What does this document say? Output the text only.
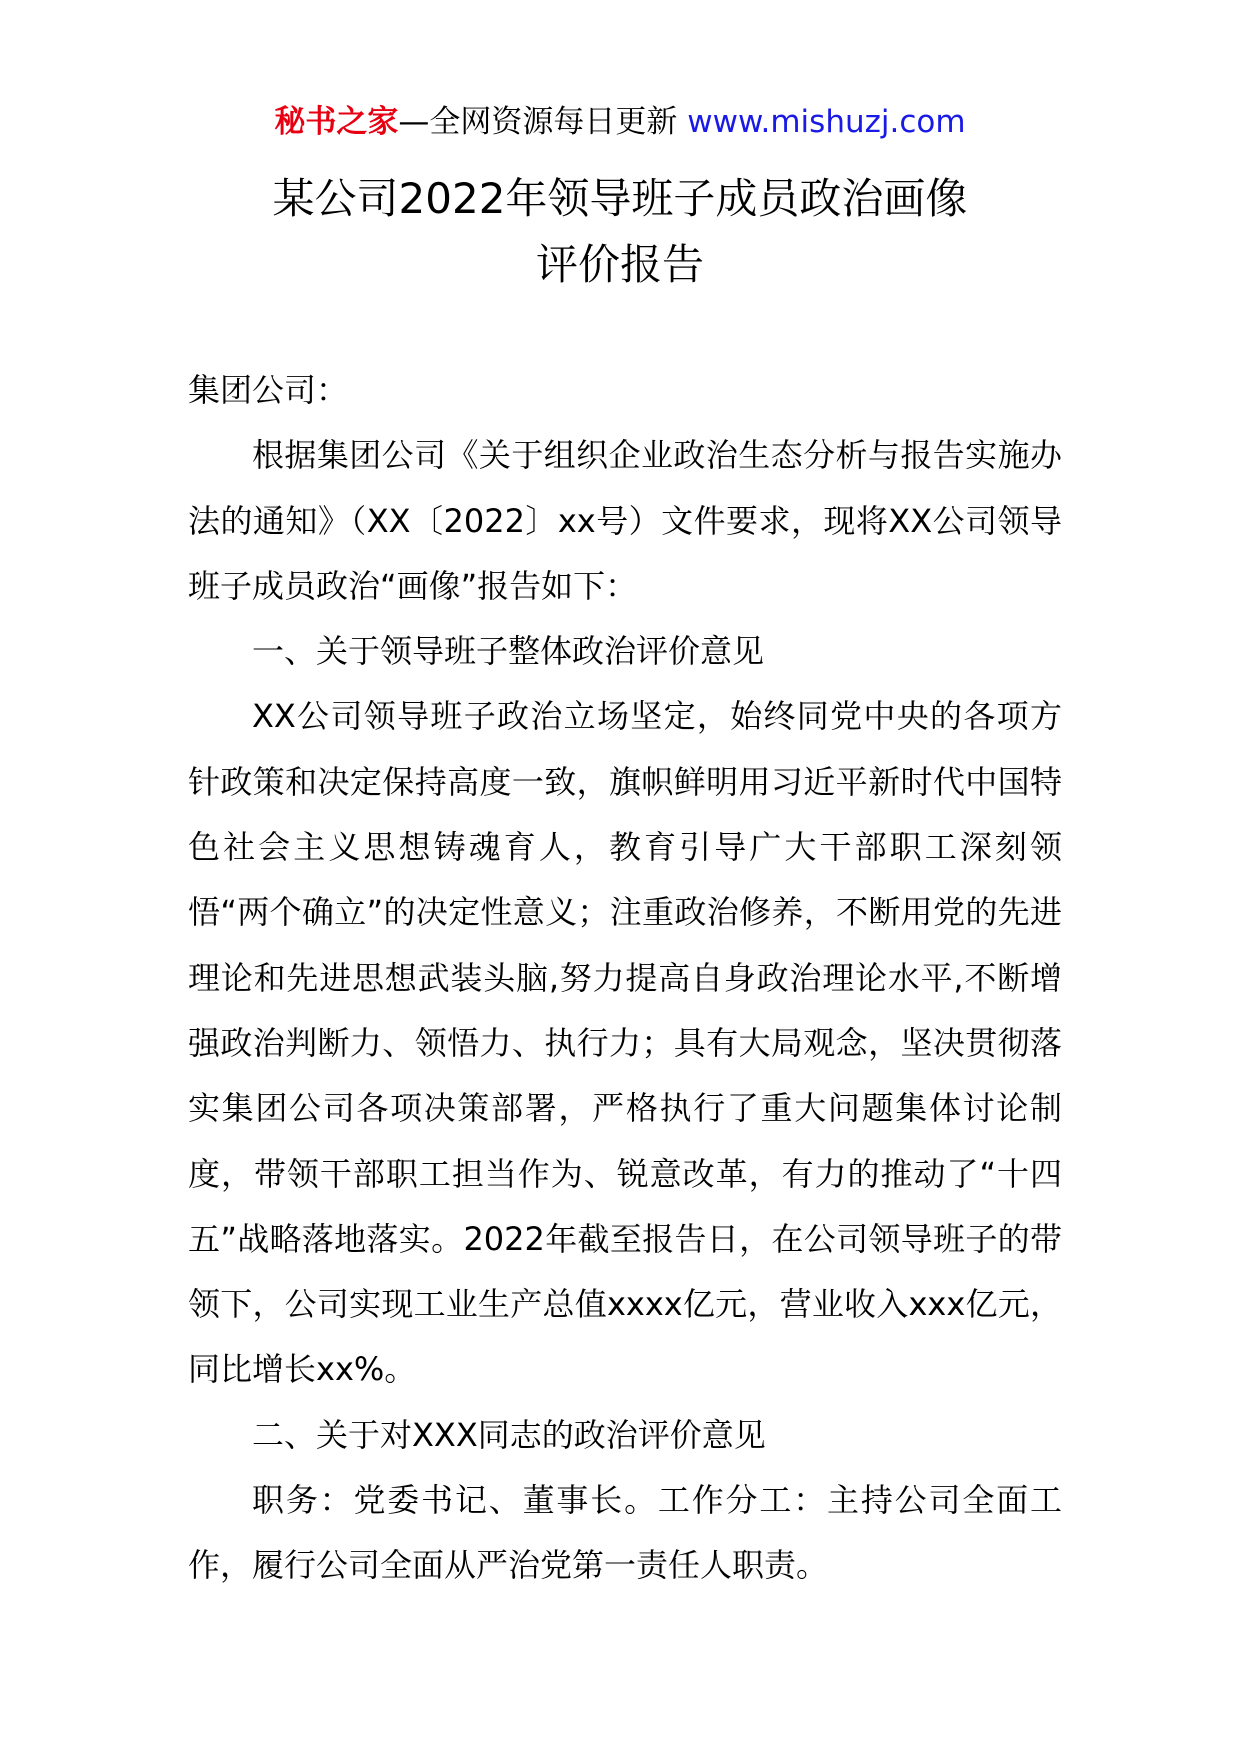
秘书之家—全网资源每日更新 www.mishuzj.com
某公司2022年领导班子成员政治画像
评价报告

集团公司：

根据集团公司《关于组织企业政治生态分析与报告实施办法的通知》（XX〔2022〕xx号）文件要求，现将XX公司领导班子成员政治“画像”报告如下：

一、关于领导班子整体政治评价意见

XX公司领导班子政治立场坚定，始终同党中央的各项方针政策和决定保持高度一致，旗帜鲜明用习近平新时代中国特色社会主义思想铸魂育人，教育引导广大干部职工深刻领悟“两个确立”的决定性意义；注重政治修养，不断用党的先进理论和先进思想武装头脑,努力提高自身政治理论水平,不断增强政治判断力、领悟力、执行力；具有大局观念，坚决贯彻落实集团公司各项决策部署，严格执行了重大问题集体讨论制度，带领干部职工担当作为、锐意改革，有力的推动了“十四五”战略落地落实。2022年截至报告日，在公司领导班子的带领下，公司实现工业生产总值xxxx亿元，营业收入xxx亿元，同比增长xx%。

二、关于对XXX同志的政治评价意见

职务：党委书记、董事长。工作分工：主持公司全面工作，履行公司全面从严治党第一责任人职责。
